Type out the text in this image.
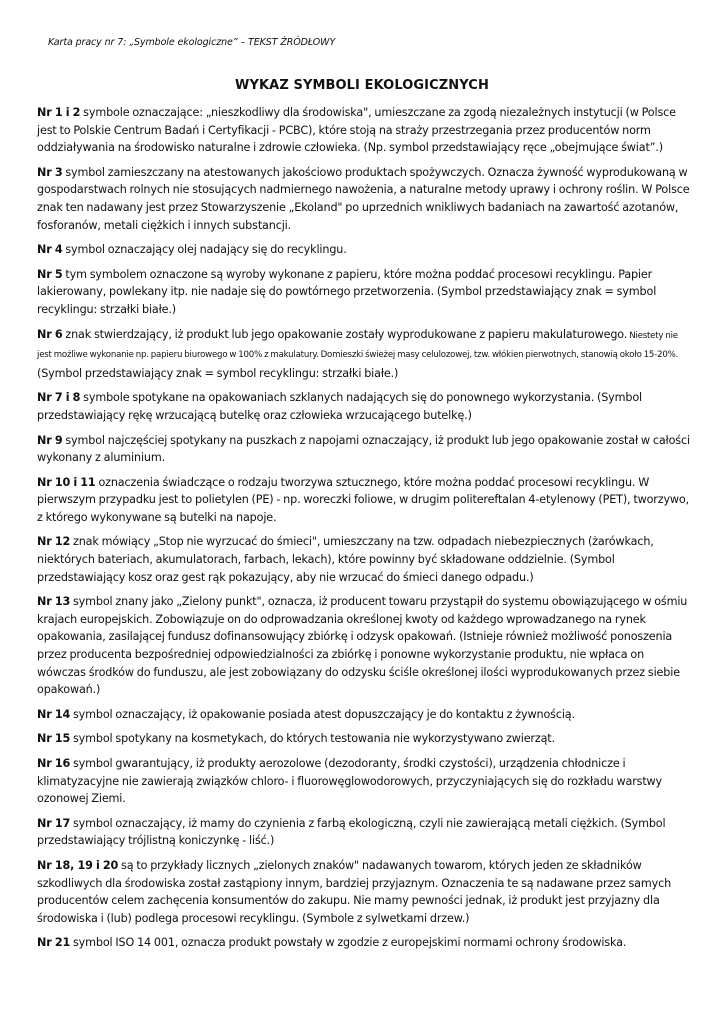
Karta pracy nr 7: „Symbole ekologiczne” – TEKST ŹRÓDŁOWY
WYKAZ SYMBOLI EKOLOGICZNYCH

Nr 1 i 2 symbole oznaczające: „nieszkodliwy dla środowiska", umieszczane za zgodą niezależnych instytucji (w Polsce jest to Polskie Centrum Badań i Certyfikacji - PCBC), które stoją na straży przestrzegania przez producentów norm oddziaływania na środowisko naturalne i zdrowie człowieka. (Np. symbol przedstawiający ręce „obejmujące świat”.)

Nr 3 symbol zamieszczany na atestowanych jakościowo produktach spożywczych. Oznacza żywność wyprodukowaną w gospodarstwach rolnych nie stosujących nadmiernego nawożenia, a naturalne metody uprawy i ochrony roślin. W Polsce znak ten nadawany jest przez Stowarzyszenie „Ekoland" po uprzednich wnikliwych badaniach na zawartość azotanów, fosforanów, metali ciężkich i innych substancji.

Nr 4 symbol oznaczający olej nadający się do recyklingu.

Nr 5 tym symbolem oznaczone są wyroby wykonane z papieru, które można poddać procesowi recyklingu. Papier lakierowany, powlekany itp. nie nadaje się do powtórnego przetworzenia. (Symbol przedstawiający znak = symbol recyklingu: strzałki białe.)

Nr 6 znak stwierdzający, iż produkt lub jego opakowanie zostały wyprodukowane z papieru makulaturowego. Niestety nie jest możliwe wykonanie np. papieru biurowego w 100% z makulatury. Domieszki świeżej masy celulozowej, tzw. włókien pierwotnych, stanowią około 15-20%. (Symbol przedstawiający znak = symbol recyklingu: strzałki białe.)

Nr 7 i 8 symbole spotykane na opakowaniach szklanych nadających się do ponownego wykorzystania. (Symbol przedstawiający rękę wrzucającą butelkę oraz człowieka wrzucającego butelkę.)

Nr 9 symbol najczęściej spotykany na puszkach z napojami oznaczający, iż produkt lub jego opakowanie został w całości wykonany z aluminium.

Nr 10 i 11 oznaczenia świadczące o rodzaju tworzywa sztucznego, które można poddać procesowi recyklingu. W pierwszym przypadku jest to polietylen (PE) - np. woreczki foliowe, w drugim politereftalan 4-etylenowy (PET), tworzywo, z którego wykonywane są butelki na napoje.

Nr 12 znak mówiący „Stop nie wyrzucać do śmieci", umieszczany na tzw. odpadach niebezpiecznych (żarówkach, niektórych bateriach, akumulatorach, farbach, lekach), które powinny być składowane oddzielnie. (Symbol przedstawiający kosz oraz gest rąk pokazujący, aby nie wrzucać do śmieci danego odpadu.)

Nr 13 symbol znany jako „Zielony punkt", oznacza, iż producent towaru przystąpił do systemu obowiązującego w ośmiu krajach europejskich. Zobowiązuje on do odprowadzania określonej kwoty od każdego wprowadzanego na rynek opakowania, zasilającej fundusz dofinansowujący zbiórkę i odzysk opakowań. (Istnieje również możliwość ponoszenia przez producenta bezpośredniej odpowiedzialności za zbiórkę i ponowne wykorzystanie produktu, nie wpłaca on wówczas środków do funduszu, ale jest zobowiązany do odzysku ściśle określonej ilości wyprodukowanych przez siebie opakowań.)

Nr 14 symbol oznaczający, iż opakowanie posiada atest dopuszczający je do kontaktu z żywnością.

Nr 15 symbol spotykany na kosmetykach, do których testowania nie wykorzystywano zwierząt.

Nr 16 symbol gwarantujący, iż produkty aerozolowe (dezodoranty, środki czystości), urządzenia chłodnicze i klimatyzacyjne nie zawierają związków chloro- i fluorowęglowodorowych, przyczyniających się do rozkładu warstwy ozonowej Ziemi.

Nr 17 symbol oznaczający, iż mamy do czynienia z farbą ekologiczną, czyli nie zawierającą metali ciężkich. (Symbol przedstawiający trójlistną koniczynkę - liść.)

Nr 18, 19 i 20 są to przykłady licznych „zielonych znaków" nadawanych towarom, których jeden ze składników szkodliwych dla środowiska został zastąpiony innym, bardziej przyjaznym. Oznaczenia te są nadawane przez samych producentów celem zachęcenia konsumentów do zakupu. Nie mamy pewności jednak, iż produkt jest przyjazny dla środowiska i (lub) podlega procesowi recyklingu. (Symbole z sylwetkami drzew.)

Nr 21 symbol ISO 14 001, oznacza produkt powstały w zgodzie z europejskimi normami ochrony środowiska.
